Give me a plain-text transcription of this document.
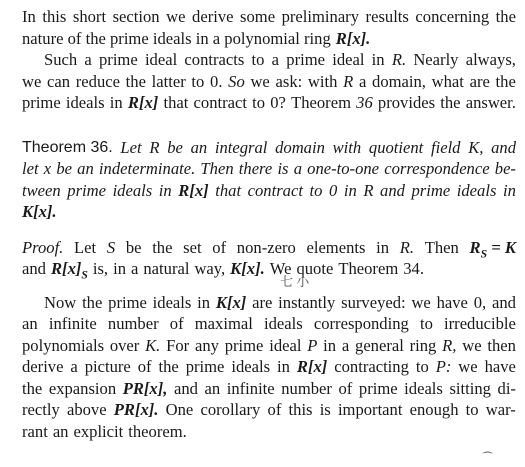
In this short section we derive some preliminary results concerning the
nature of the prime ideals in a polynomial ring R[x].
Such a prime ideal contracts to a prime ideal in R. Nearly always,
we can reduce the latter to 0. So we ask: with R a domain, what are the
prime ideals in R[x] that contract to 0? Theorem 36 provides the answer.
Theorem 36. Let R be an integral domain with quotient field K, and
let x be an indeterminate. Then there is a one-to-one correspondence be-
tween prime ideals in R[x] that contract to 0 in R and prime ideals in
K[x].
Proof. Let S be the set of non-zero elements in R. Then $R_S = K$
and $R[x]_S$ is, in a natural way, K[x]. We quote Theorem 34.
Now the prime ideals in K[x] are instantly surveyed: we have 0, and
an infinite number of maximal ideals corresponding to irreducible
polynomials over K. For any prime ideal P in a general ring R, we then
derive a picture of the prime ideals in R[x] contracting to P: we have
the expansion PR[x], and an infinite number of prime ideals sitting di-
rectly above PR[x]. One corollary of this is important enough to war-
rant an explicit theorem.
七 小
⁀
